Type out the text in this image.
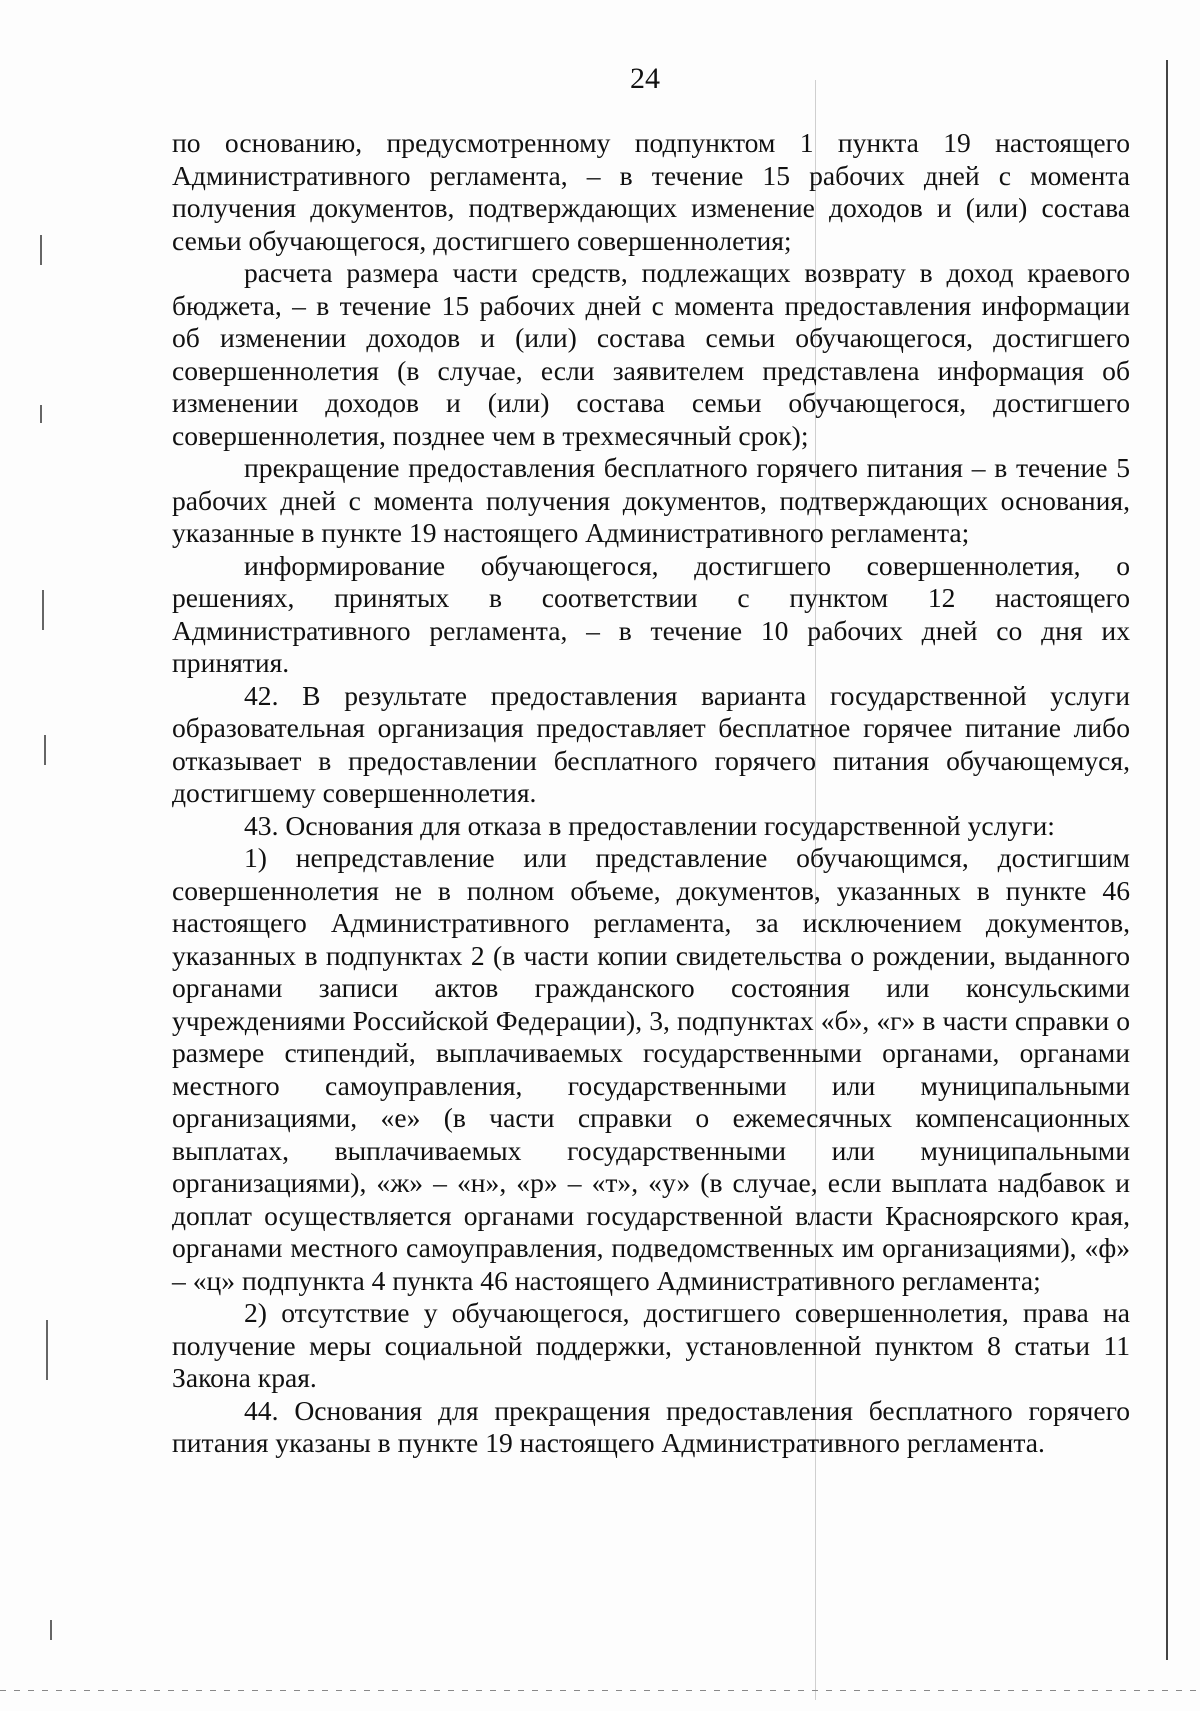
24

по основанию, предусмотренному подпунктом 1 пункта 19 настоящего Административного регламента, – в течение 15 рабочих дней с момента получения документов, подтверждающих изменение доходов и (или) состава семьи обучающегося, достигшего совершеннолетия;

расчета размера части средств, подлежащих возврату в доход краевого бюджета, – в течение 15 рабочих дней с момента предоставления информации об изменении доходов и (или) состава семьи обучающегося, достигшего совершеннолетия (в случае, если заявителем представлена информация об изменении доходов и (или) состава семьи обучающегося, достигшего совершеннолетия, позднее чем в трехмесячный срок);

прекращение предоставления бесплатного горячего питания – в течение 5 рабочих дней с момента получения документов, подтверждающих основания, указанные в пункте 19 настоящего Административного регламента;

информирование обучающегося, достигшего совершеннолетия, о решениях, принятых в соответствии с пунктом 12 настоящего Административного регламента, – в течение 10 рабочих дней со дня их принятия.

42. В результате предоставления варианта государственной услуги образовательная организация предоставляет бесплатное горячее питание либо отказывает в предоставлении бесплатного горячего питания обучающемуся, достигшему совершеннолетия.

43. Основания для отказа в предоставлении государственной услуги:

1) непредставление или представление обучающимся, достигшим совершеннолетия не в полном объеме, документов, указанных в пункте 46 настоящего Административного регламента, за исключением документов, указанных в подпунктах 2 (в части копии свидетельства о рождении, выданного органами записи актов гражданского состояния или консульскими учреждениями Российской Федерации), 3, подпунктах «б», «г» в части справки о размере стипендий, выплачиваемых государственными органами, органами местного самоуправления, государственными или муниципальными организациями, «е» (в части справки о ежемесячных компенсационных выплатах, выплачиваемых государственными или муниципальными организациями), «ж» – «н», «р» – «т», «у» (в случае, если выплата надбавок и доплат осуществляется органами государственной власти Красноярского края, органами местного самоуправления, подведомственных им организациями), «ф» – «ц» подпункта 4 пункта 46 настоящего Административного регламента;

2) отсутствие у обучающегося, достигшего совершеннолетия, права на получение меры социальной поддержки, установленной пунктом 8 статьи 11 Закона края.

44. Основания для прекращения предоставления бесплатного горячего питания указаны в пункте 19 настоящего Административного регламента.
